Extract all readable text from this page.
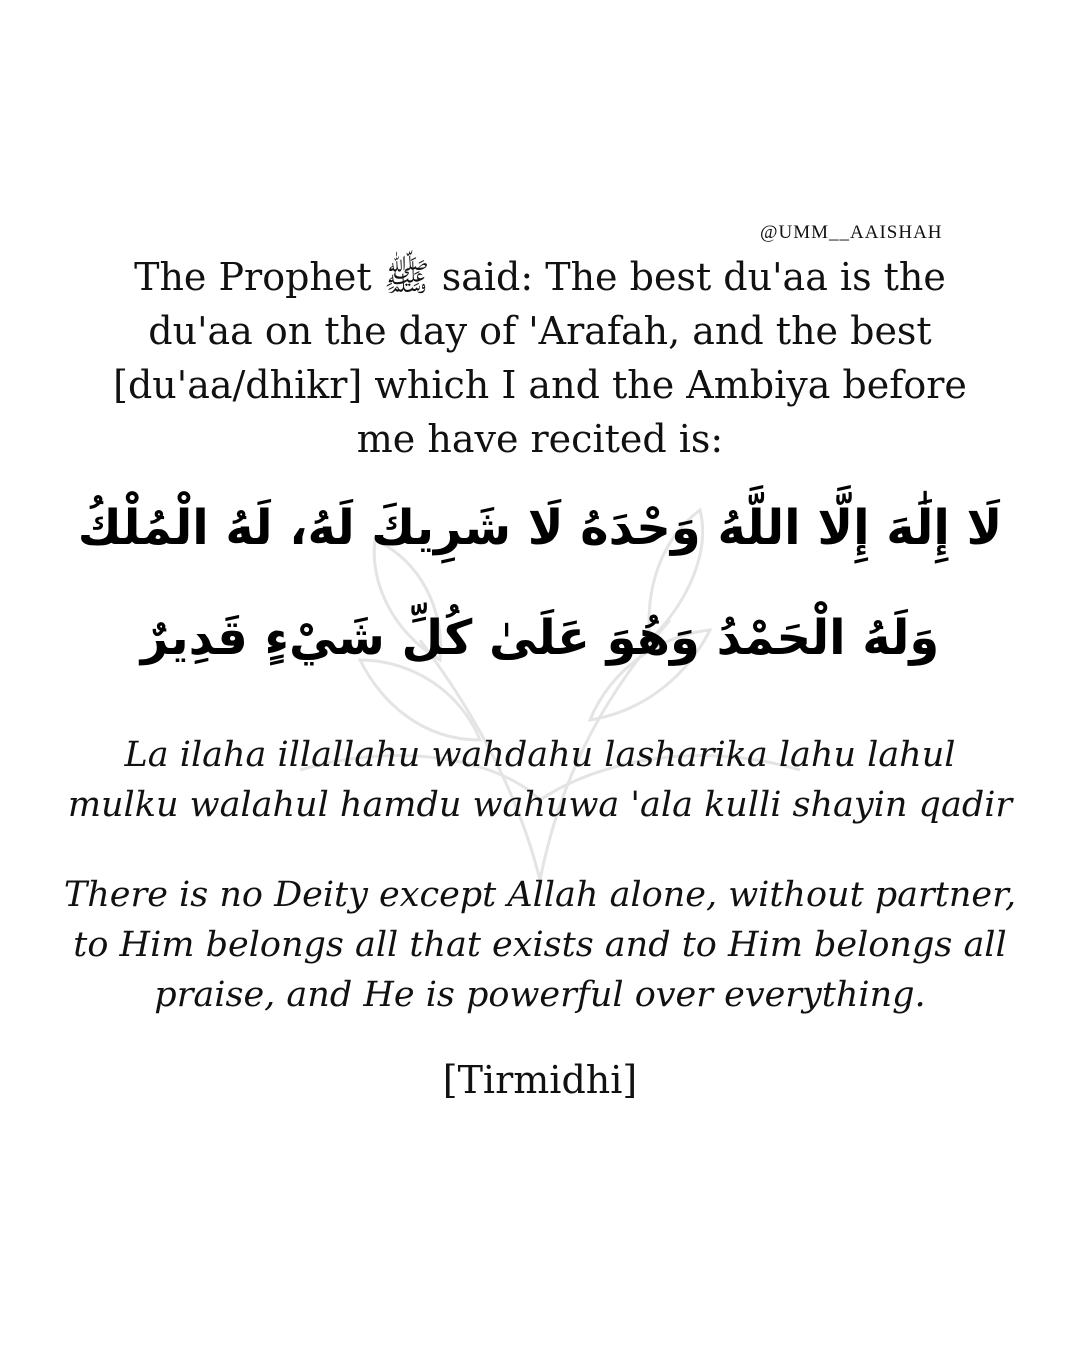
@UMM__AAISHAH
The Prophet ﷺ said: The best du'aa is the
du'aa on the day of 'Arafah, and the best
[du'aa/dhikr] which I and the Ambiya before
me have recited is:
لَا إِلَٰهَ إِلَّا اللَّهُ وَحْدَهُ لَا شَرِيكَ لَهُ، لَهُ الْمُلْكُ
وَلَهُ الْحَمْدُ وَهُوَ عَلَىٰ كُلِّ شَيْءٍ قَدِيرٌ
La ilaha illallahu wahdahu lasharika lahu lahul
mulku walahul hamdu wahuwa 'ala kulli shayin qadir
There is no Deity except Allah alone, without partner,
to Him belongs all that exists and to Him belongs all
praise, and He is powerful over everything.
[Tirmidhi]
